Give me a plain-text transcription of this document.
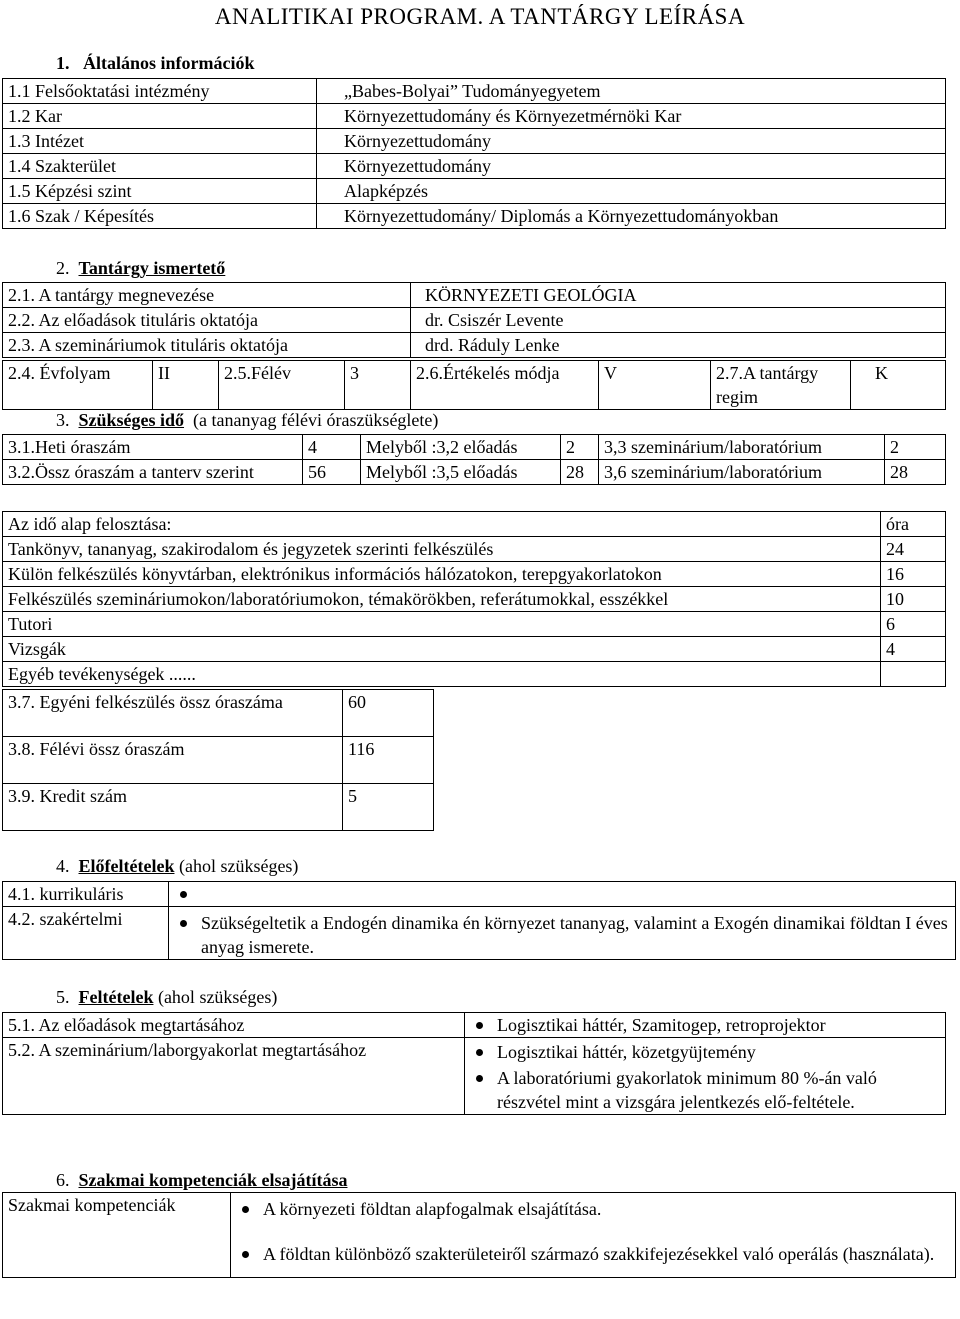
ANALITIKAI PROGRAM. A TANTÁRGY LEÍRÁSA
1. Általános információk
1.1 Felsőoktatási intézmény	„Babes-Bolyai” Tudományegyetem
1.2 Kar	Környezettudomány és Környezetmérnöki Kar
1.3 Intézet	Környezettudomány
1.4 Szakterület	Környezettudomány
1.5 Képzési szint	Alapképzés
1.6 Szak / Képesítés	Környezettudomány/ Diplomás a Környezettudományokban
2. Tantárgy ismertető
2.1. A tantárgy megnevezése	KÖRNYEZETI GEOLÓGIA
2.2. Az előadások tituláris oktatója	dr. Csiszér Levente
2.3. A szemináriumok tituláris oktatója	drd. Ráduly Lenke
2.4. Évfolyam	II	2.5.Félév	3	2.6.Értékelés módja	V	2.7.A tantárgy regim	K
3. Szükséges idő (a tananyag félévi óraszükséglete)
3.1.Heti óraszám	4	Melyből :3,2 előadás	2	3,3 szeminárium/laboratórium	2
3.2.Össz óraszám a tanterv szerint	56	Melyből :3,5 előadás	28	3,6 szeminárium/laboratórium	28
Az idő alap felosztása:	óra
Tankönyv, tananyag, szakirodalom és jegyzetek szerinti felkészülés	24
Külön felkészülés könyvtárban, elektrónikus információs hálózatokon, terepgyakorlatokon	16
Felkészülés szemináriumokon/laboratóriumokon, témakörökben, referátumokkal, esszékkel	10
Tutori	6
Vizsgák	4
Egyéb tevékenységek ......	
3.7. Egyéni felkészülés össz óraszáma	60
3.8. Félévi össz óraszám	116
3.9. Kredit szám	5
4. Előfeltételek (ahol szükséges)
4.1. kurrikuláris	

4.2. szakértelmi	Szükségeltetik a Endogén dinamika én környezet tananyag, valamint a Exogén dinamikai földtan I éves anyag ismerete.
5. Feltételek (ahol szükséges)
5.1. Az előadások megtartásához	Logisztikai háttér, Szamitogep, retroprojektor

5.2. A szeminárium/laborgyakorlat megtartásához	Logisztikai háttér, közetgyüjtemény
A laboratóriumi gyakorlatok minimum 80 %-án való részvétel mint a vizsgára jelentkezés elő-feltétele.
6. Szakmai kompetenciák elsajátítása
Szakmai kompetenciák	A környezeti földtan alapfogalmak elsajátítása.
A földtan különböző szakterületeiről származó szakkifejezésekkel való operálás (használata).
